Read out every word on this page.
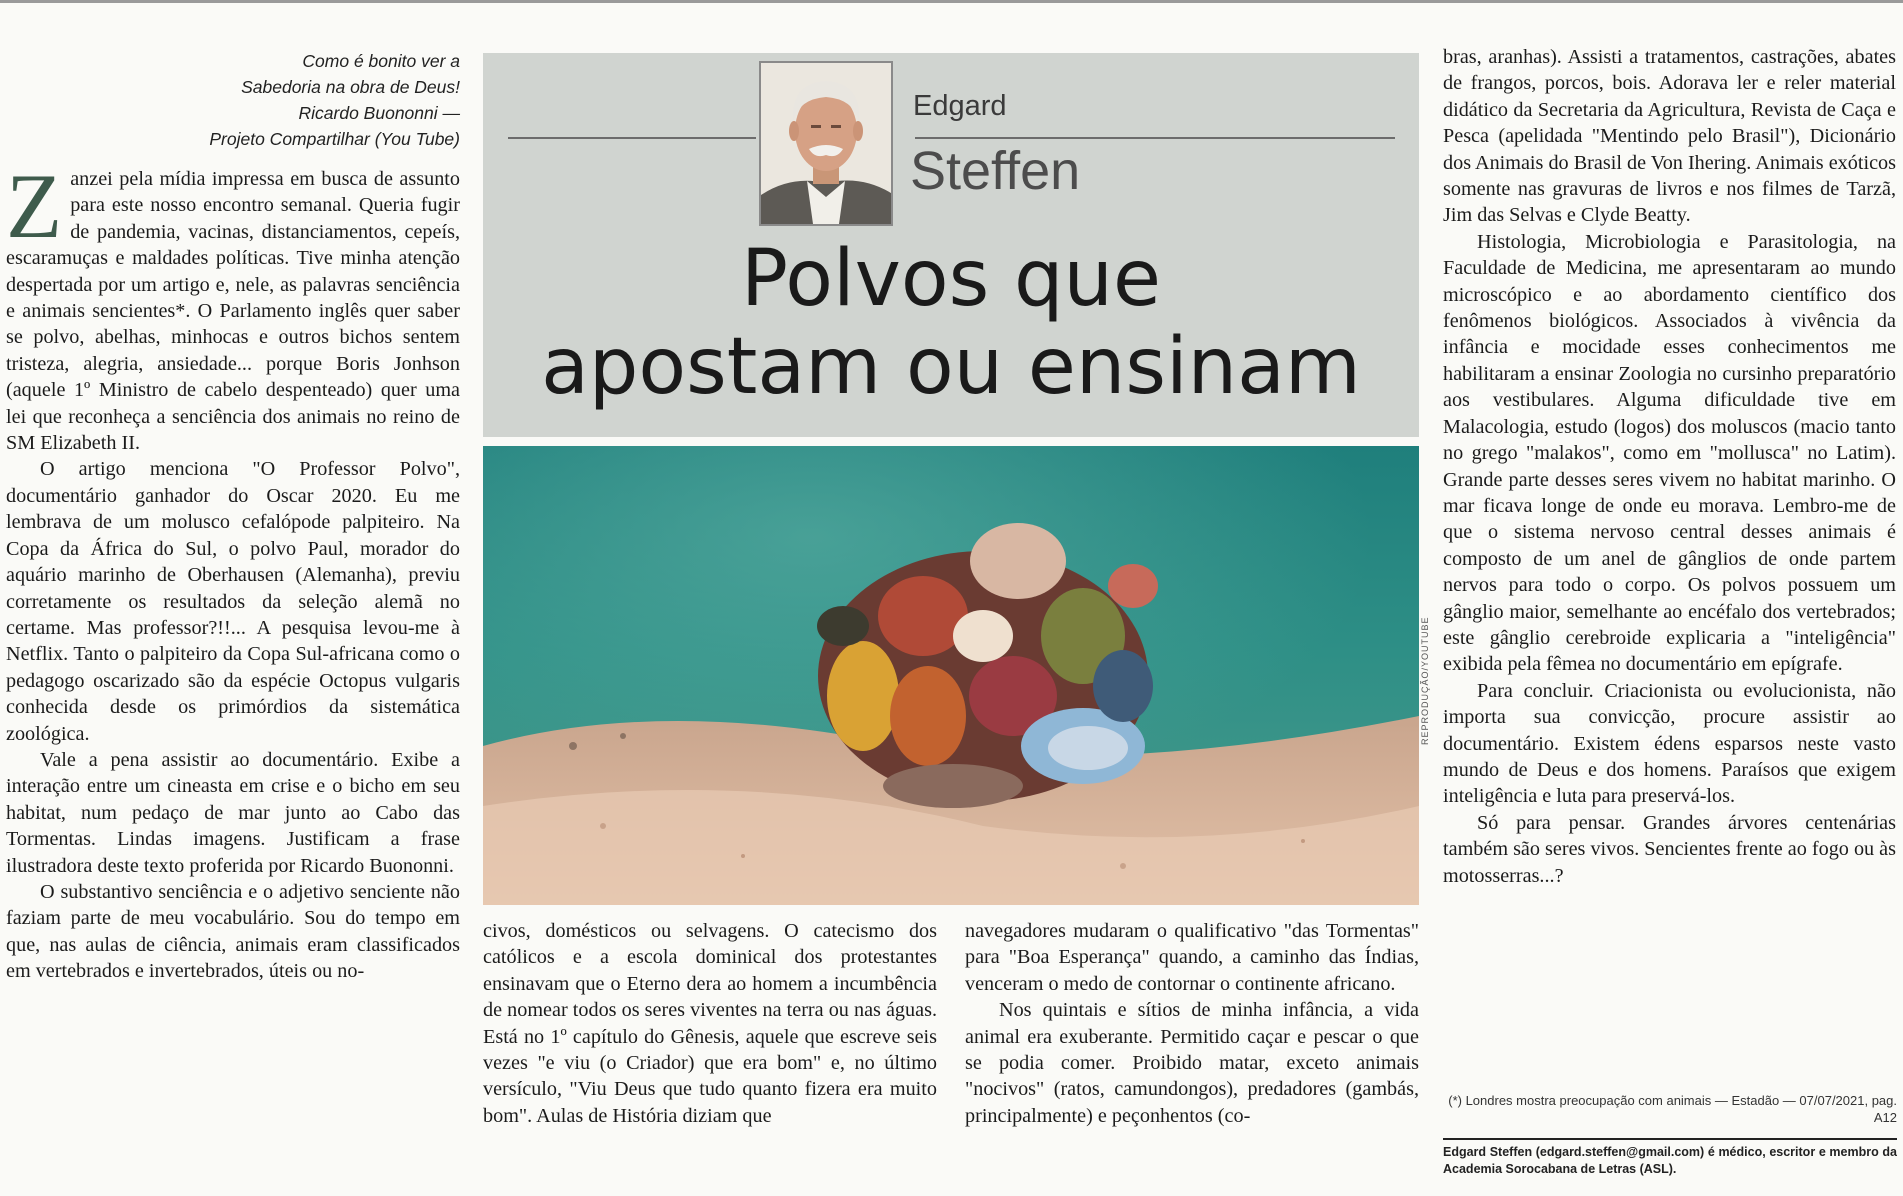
Como é bonito ver a
Sabedoria na obra de Deus!
Ricardo Buononni —
Projeto Compartilhar (You Tube)

Zanzei pela mídia impressa em busca de assunto para este nosso encontro semanal. Queria fugir de pandemia, vacinas, distanciamentos, cepeís, escaramuças e maldades políticas. Tive minha atenção despertada por um artigo e, nele, as palavras senciência e animais sencientes*. O Parlamento inglês quer saber se polvo, abelhas, minhocas e outros bichos sentem tristeza, alegria, ansiedade... porque Boris Jonhson (aquele 1º Ministro de cabelo despenteado) quer uma lei que reconheça a senciência dos animais no reino de SM Elizabeth II.

O artigo menciona "O Professor Polvo", documentário ganhador do Oscar 2020. Eu me lembrava de um molusco cefalópode palpiteiro. Na Copa da África do Sul, o polvo Paul, morador do aquário marinho de Oberhausen (Alemanha), previu corretamente os resultados da seleção alemã no certame. Mas professor?!!... A pesquisa levou-me à Netflix. Tanto o palpiteiro da Copa Sul-africana como o pedagogo oscarizado são da espécie Octopus vulgaris conhecida desde os primórdios da sistemática zoológica.

Vale a pena assistir ao documentário. Exibe a interação entre um cineasta em crise e o bicho em seu habitat, num pedaço de mar junto ao Cabo das Tormentas. Lindas imagens. Justificam a frase ilustradora deste texto proferida por Ricardo Buononni.

O substantivo senciência e o adjetivo senciente não faziam parte de meu vocabulário. Sou do tempo em que, nas aulas de ciência, animais eram classificados em vertebrados e invertebrados, úteis ou no-

Edgard
Steffen
Polvos que
apostam ou ensinam
REPRODUÇÃO/YOUTUBE

civos, domésticos ou selvagens. O catecismo dos católicos e a escola dominical dos protestantes ensinavam que o Eterno dera ao homem a incumbência de nomear todos os seres viventes na terra ou nas águas. Está no 1º capítulo do Gênesis, aquele que escreve seis vezes "e viu (o Criador) que era bom" e, no último versículo, "Viu Deus que tudo quanto fizera era muito bom". Aulas de História diziam que

navegadores mudaram o qualificativo "das Tormentas" para "Boa Esperança" quando, a caminho das Índias, venceram o medo de contornar o continente africano.

Nos quintais e sítios de minha infância, a vida animal era exuberante. Permitido caçar e pescar o que se podia comer. Proibido matar, exceto animais "nocivos" (ratos, camundongos), predadores (gambás, principalmente) e peçonhentos (co-

bras, aranhas). Assisti a tratamentos, castrações, abates de frangos, porcos, bois. Adorava ler e reler material didático da Secretaria da Agricultura, Revista de Caça e Pesca (apelidada "Mentindo pelo Brasil"), Dicionário dos Animais do Brasil de Von Ihering. Animais exóticos somente nas gravuras de livros e nos filmes de Tarzã, Jim das Selvas e Clyde Beatty.

Histologia, Microbiologia e Parasitologia, na Faculdade de Medicina, me apresentaram ao mundo microscópico e ao abordamento científico dos fenômenos biológicos. Associados à vivência da infância e mocidade esses conhecimentos me habilitaram a ensinar Zoologia no cursinho preparatório aos vestibulares. Alguma dificuldade tive em Malacologia, estudo (logos) dos moluscos (macio tanto no grego "malakos", como em "mollusca" no Latim). Grande parte desses seres vivem no habitat marinho. O mar ficava longe de onde eu morava. Lembro-me de que o sistema nervoso central desses animais é composto de um anel de gânglios de onde partem nervos para todo o corpo. Os polvos possuem um gânglio maior, semelhante ao encéfalo dos vertebrados; este gânglio cerebroide explicaria a "inteligência" exibida pela fêmea no documentário em epígrafe.

Para concluir. Criacionista ou evolucionista, não importa sua convicção, procure assistir ao documentário. Existem édens esparsos neste vasto mundo de Deus e dos homens. Paraísos que exigem inteligência e luta para preservá-los.

Só para pensar. Grandes árvores centenárias também são seres vivos. Sencientes frente ao fogo ou às motosserras...?

(*) Londres mostra preocupação com animais — Estadão — 07/07/2021, pag. A12
Edgard Steffen (edgard.steffen@gmail.com) é médico, escritor e membro da Academia Sorocabana de Letras (ASL).
